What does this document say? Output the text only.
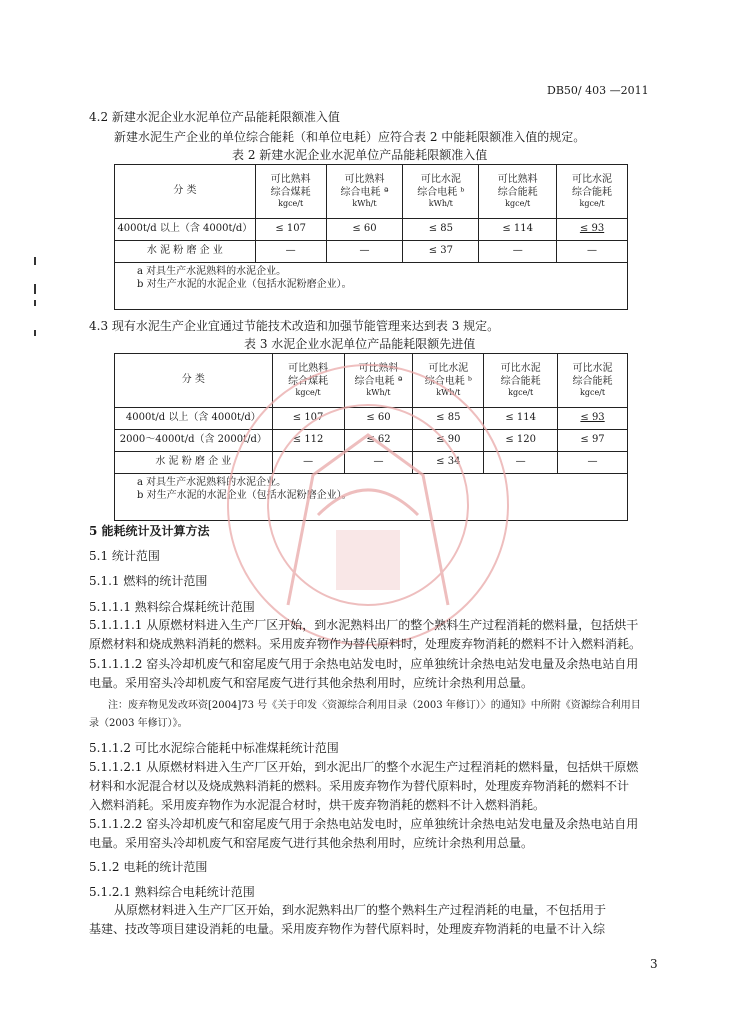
DB50/ 403 —2011
4.2 新建水泥企业水泥单位产品能耗限额准入值
新建水泥生产企业的单位综合能耗（和单位电耗）应符合表 2 中能耗限额准入值的规定。
表 2 新建水泥企业水泥单位产品能耗限额准入值
分 类	可比熟料
综合煤耗
kgce/t	可比熟料
综合电耗 ª
kWh/t	可比水泥
综合电耗 ᵇ
kWh/t	可比熟料
综合能耗
kgce/t	可比水泥
综合能耗
kgce/t

4000t/d 以上（含 4000t/d）	≤ 107	≤ 60	≤ 85	≤ 114	≤ 93
水 泥 粉 磨 企 业	—	—	≤ 37	—	—

a 对具生产水泥熟料的水泥企业。
b 对生产水泥的水泥企业（包括水泥粉磨企业）。					
4.3 现有水泥生产企业宜通过节能技术改造和加强节能管理来达到表 3 规定。
表 3 水泥企业水泥单位产品能耗限额先进值
分 类	可比熟料
综合煤耗
kgce/t	可比熟料
综合电耗 ª
kWh/t	可比水泥
综合电耗 ᵇ
kWh/t	可比水泥
综合能耗
kgce/t	可比水泥
综合能耗
kgce/t

4000t/d 以上（含 4000t/d）	≤ 107	≤ 60	≤ 85	≤ 114	≤ 93
2000～4000t/d（含 2000t/d）	≤ 112	≤ 62	≤ 90	≤ 120	≤ 97
水 泥 粉 磨 企 业	—	—	≤ 34	—	—

a 对具生产水泥熟料的水泥企业。
b 对生产水泥的水泥企业（包括水泥粉磨企业）。					
5 能耗统计及计算方法
5.1 统计范围
5.1.1 燃料的统计范围
5.1.1.1 熟料综合煤耗统计范围
5.1.1.1.1 从原燃材料进入生产厂区开始，到水泥熟料出厂的整个熟料生产过程消耗的燃料量，包括烘干
原燃材料和烧成熟料消耗的燃料。采用废弃物作为替代原料时，处理废弃物消耗的燃料不计入燃料消耗。
5.1.1.1.2 窑头冷却机废气和窑尾废气用于余热电站发电时，应单独统计余热电站发电量及余热电站自用
电量。采用窑头冷却机废气和窑尾废气进行其他余热利用时，应统计余热利用总量。
注：废弃物见发改环资[2004]73 号《关于印发〈资源综合利用目录（2003 年修订）〉的通知》中所附《资源综合利用目
录（2003 年修订）》。
5.1.1.2 可比水泥综合能耗中标准煤耗统计范围
5.1.1.2.1 从原燃材料进入生产厂区开始，到水泥出厂的整个水泥生产过程消耗的燃料量，包括烘干原燃
材料和水泥混合材以及烧成熟料消耗的燃料。采用废弃物作为替代原料时，处理废弃物消耗的燃料不计
入燃料消耗。采用废弃物作为水泥混合材时，烘干废弃物消耗的燃料不计入燃料消耗。
5.1.1.2.2 窑头冷却机废气和窑尾废气用于余热电站发电时，应单独统计余热电站发电量及余热电站自用
电量。采用窑头冷却机废气和窑尾废气进行其他余热利用时，应统计余热利用总量。
5.1.2 电耗的统计范围
5.1.2.1 熟料综合电耗统计范围
从原燃材料进入生产厂区开始，到水泥熟料出厂的整个熟料生产过程消耗的电量，不包括用于
基建、技改等项目建设消耗的电量。采用废弃物作为替代原料时，处理废弃物消耗的电量不计入综
3
